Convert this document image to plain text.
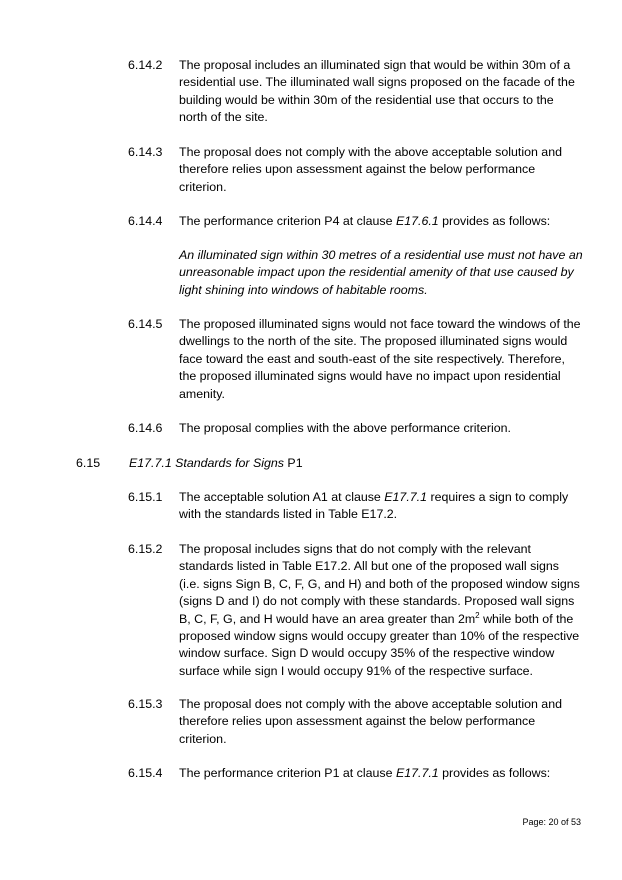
6.14.2	The proposal includes an illuminated sign that would be within 30m of a residential use. The illuminated wall signs proposed on the facade of the building would be within 30m of the residential use that occurs to the north of the site.
6.14.3	The proposal does not comply with the above acceptable solution and therefore relies upon assessment against the below performance criterion.
6.14.4	The performance criterion P4 at clause E17.6.1 provides as follows:
An illuminated sign within 30 metres of a residential use must not have an unreasonable impact upon the residential amenity of that use caused by light shining into windows of habitable rooms.
6.14.5	The proposed illuminated signs would not face toward the windows of the dwellings to the north of the site. The proposed illuminated signs would face toward the east and south-east of the site respectively. Therefore, the proposed illuminated signs would have no impact upon residential amenity.
6.14.6	The proposal complies with the above performance criterion.
6.15	E17.7.1 Standards for Signs P1
6.15.1	The acceptable solution A1 at clause E17.7.1 requires a sign to comply with the standards listed in Table E17.2.
6.15.2	The proposal includes signs that do not comply with the relevant standards listed in Table E17.2. All but one of the proposed wall signs (i.e. signs Sign B, C, F, G, and H) and both of the proposed window signs (signs D and I) do not comply with these standards. Proposed wall signs B, C, F, G, and H would have an area greater than $2m^2$ while both of the proposed window signs would occupy greater than 10% of the respective window surface. Sign D would occupy 35% of the respective window surface while sign I would occupy 91% of the respective surface.
6.15.3	The proposal does not comply with the above acceptable solution and therefore relies upon assessment against the below performance criterion.
6.15.4	The performance criterion P1 at clause E17.7.1 provides as follows:
Page: 20 of 53
